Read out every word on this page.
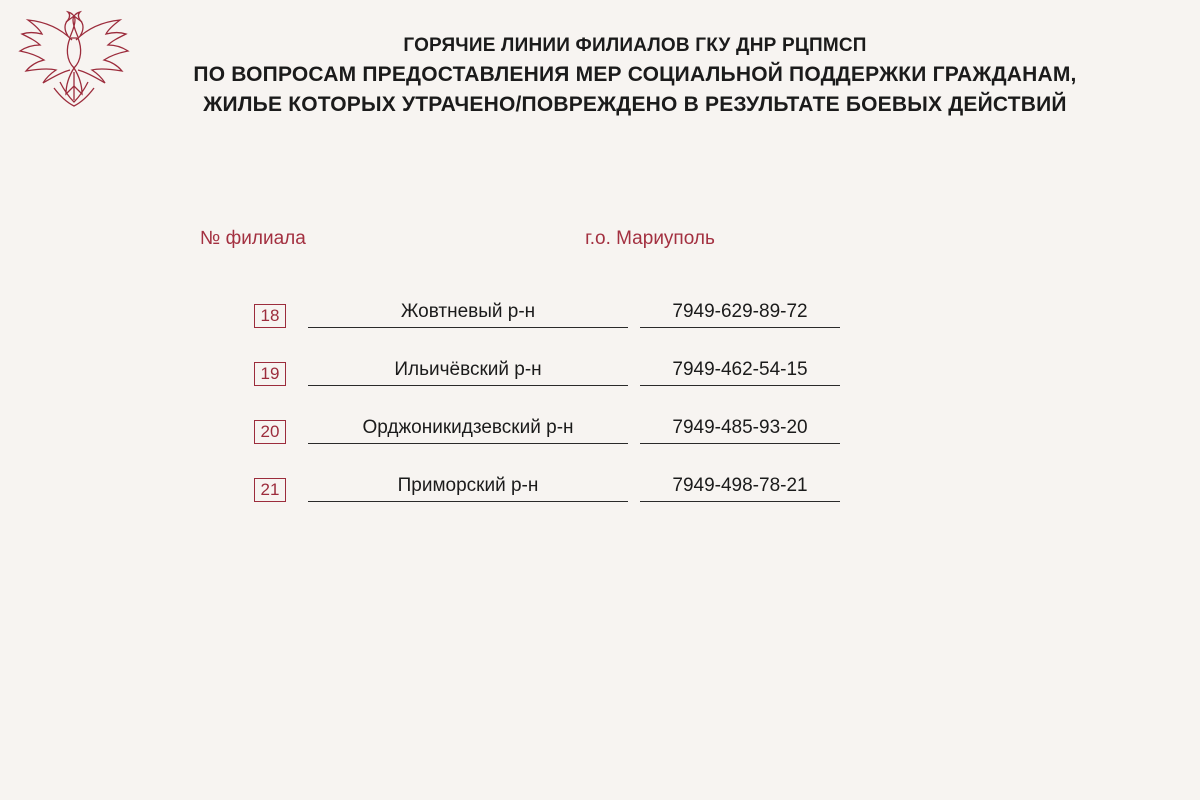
ГОРЯЧИЕ ЛИНИИ ФИЛИАЛОВ ГКУ ДНР РЦПМСП
ПО ВОПРОСАМ ПРЕДОСТАВЛЕНИЯ МЕР СОЦИАЛЬНОЙ ПОДДЕРЖКИ ГРАЖДАНАМ,
ЖИЛЬЕ КОТОРЫХ УТРАЧЕНО/ПОВРЕЖДЕНО В РЕЗУЛЬТАТЕ БОЕВЫХ ДЕЙСТВИЙ
№ филиала	г.о. Мариуполь
18	Жовтневый р-н	7949-629-89-72
19	Ильичёвский р-н	7949-462-54-15
20	Орджоникидзевский р-н	7949-485-93-20
21	Приморский р-н	7949-498-78-21
